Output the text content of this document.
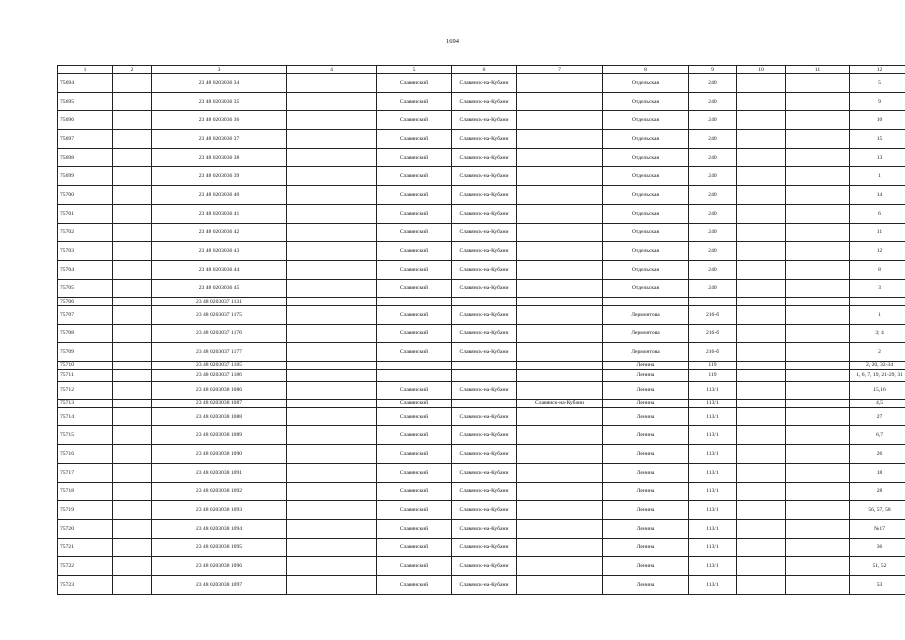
1694
1	2	3	4	5	6	7	8	9	10	11	12
75694		23 48 0203036 34		Славянский	Славянск-на-Кубани		Отдельская	240			5
75695		23 48 0203036 35		Славянский	Славянск-на-Кубани		Отдельская	240			9
75696		23 48 0203036 36		Славянский	Славянск-на-Кубани		Отдельская	240			10
75697		23 48 0203036 37		Славянский	Славянск-на-Кубани		Отдельская	240			15
75698		23 48 0203036 38		Славянский	Славянск-на-Кубани		Отдельская	240			13
75699		23 48 0203036 39		Славянский	Славянск-на-Кубани		Отдельская	240			1
75700		23 48 0203036 40		Славянский	Славянск-на-Кубани		Отдельская	240			14
75701		23 48 0203036 41		Славянский	Славянск-на-Кубани		Отдельская	240			6
75702		23 48 0203036 42		Славянский	Славянск-на-Кубани		Отдельская	240			11
75703		23 48 0203036 43		Славянский	Славянск-на-Кубани		Отдельская	240			12
75704		23 48 0203036 44		Славянский	Славянск-на-Кубани		Отдельская	240			8
75705		23 48 0203036 45		Славянский	Славянск-на-Кубани		Отдельская	240			3
75706		23 48 0203037 1131									
75707		23 48 0203037 1175		Славянский	Славянск-на-Кубани		Лермонтова	216-б			1
75708		23 48 0203037 1176		Славянский	Славянск-на-Кубани		Лермонтова	216-б			3; 4
75709		23 48 0203037 1177		Славянский	Славянск-на-Кубани		Лермонтова	216-б			2
75710		23 48 0203037 1185					Ленина	119			2, 20, 32-34
75711		23 48 0203037 1186					Ленина	119			1, 6, 7, 19, 21-29, 31
75712		23 48 0203038 1086		Славянский	Славянск-на-Кубани		Ленина	113/1			15,16
75713		23 48 0203038 1087		Славянский		Славянск-на-Кубани	Ленина	113/1			4,5
75714		23 48 0203038 1088		Славянский	Славянск-на-Кубани		Ленина	113/1			27
75715		23 48 0203038 1089		Славянский	Славянск-на-Кубани		Ленина	113/1			6,7
75716		23 48 0203038 1090		Славянский	Славянск-на-Кубани		Ленина	113/1			26
75717		23 48 0203038 1091		Славянский	Славянск-на-Кубани		Ленина	113/1			18
75718		23 48 0203038 1092		Славянский	Славянск-на-Кубани		Ленина	113/1			28
75719		23 48 0203038 1093		Славянский	Славянск-на-Кубани		Ленина	113/1			56, 57, 58
75720		23 48 0203038 1094		Славянский	Славянск-на-Кубани		Ленина	113/1			№17
75721		23 48 0203038 1095		Славянский	Славянск-на-Кубани		Ленина	113/1			36
75722		23 48 0203038 1096		Славянский	Славянск-на-Кубани		Ленина	113/1			51, 52
75723		23 48 0203038 1097		Славянский	Славянск-на-Кубани		Ленина	113/1			53
